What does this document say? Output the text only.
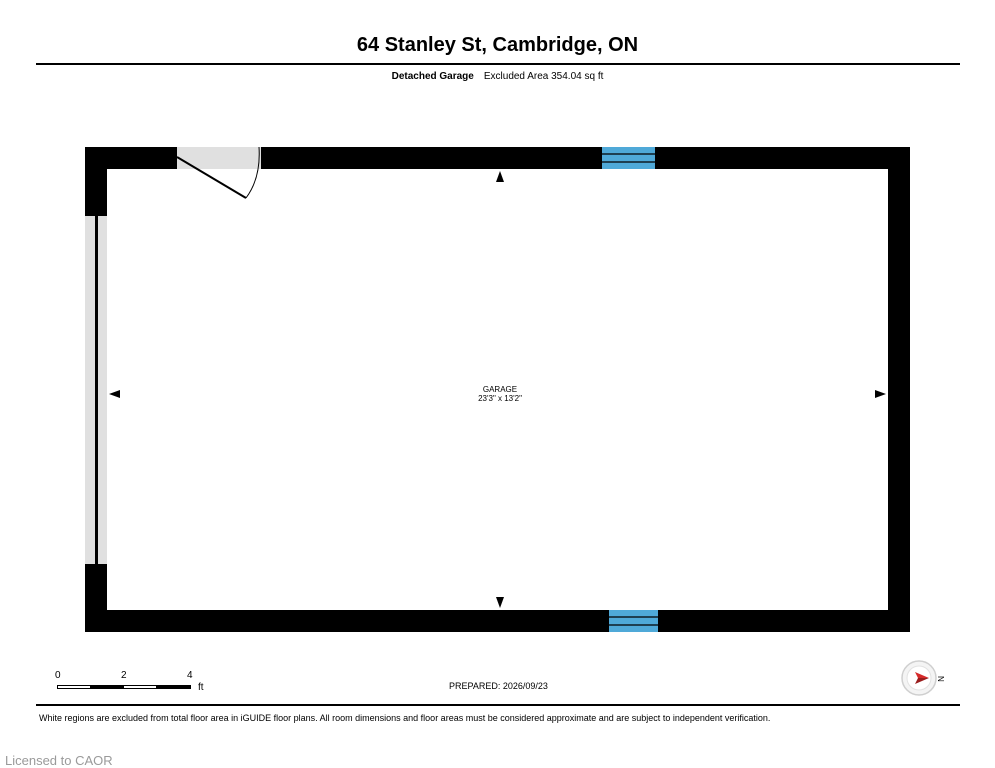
64 Stanley St, Cambridge, ON
Detached Garage Excluded Area 354.04 sq ft
GARAGE
23'3" x 13'2"
0	2	4
ft	PREPARED: 2026/09/23
N
White regions are excluded from total floor area in iGUIDE floor plans. All room dimensions and floor areas must be considered approximate and are subject to independent verification.
Licensed to CAOR
